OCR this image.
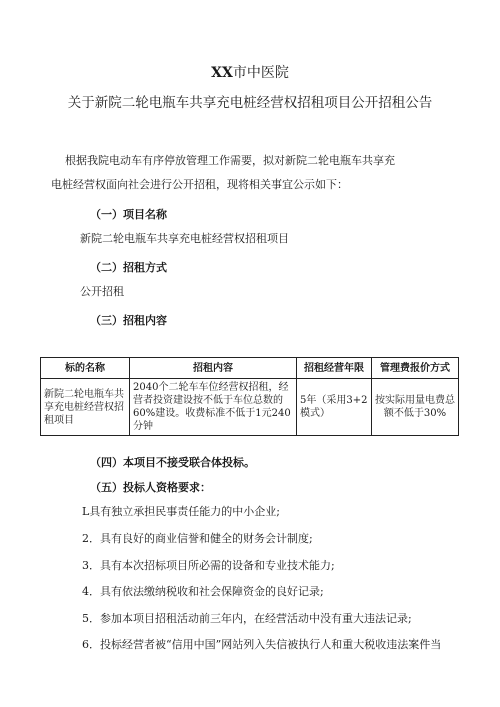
XX市中医院
关于新院二轮电瓶车共享充电桩经营权招租项目公开招租公告
根据我院电动车有序停放管理工作需要，拟对新院二轮电瓶车共享充
电桩经营权面向社会进行公开招租，现将相关事宜公示如下：
（一）项目名称
新院二轮电瓶车共享充电桩经营权招租项目
（二）招租方式
公开招租
（三）招租内容
标的名称	招租内容	招租经营年限	管理费报价方式
新院二轮电瓶车共享充电桩经营权招租项目	2040个二轮车车位经营权招租，经营者投资建设按不低于车位总数的60%建设。收费标准不低于1元240分钟	5年（采用3+2模式）	按实际用量电费总额不低于30%
（四）本项目不接受联合体投标。
（五）投标人资格要求：
L具有独立承担民事责任能力的中小企业;
2．具有良好的商业信誉和健全的财务会计制度;
3．具有本次招标项目所必需的设备和专业技术能力;
4．具有依法缴纳税收和社会保障资金的良好记录;
5．参加本项目招租活动前三年内，在经营活动中没有重大违法记录;
6．投标经营者被“信用中国”网站列入失信被执行人和重大税收违法案件当
